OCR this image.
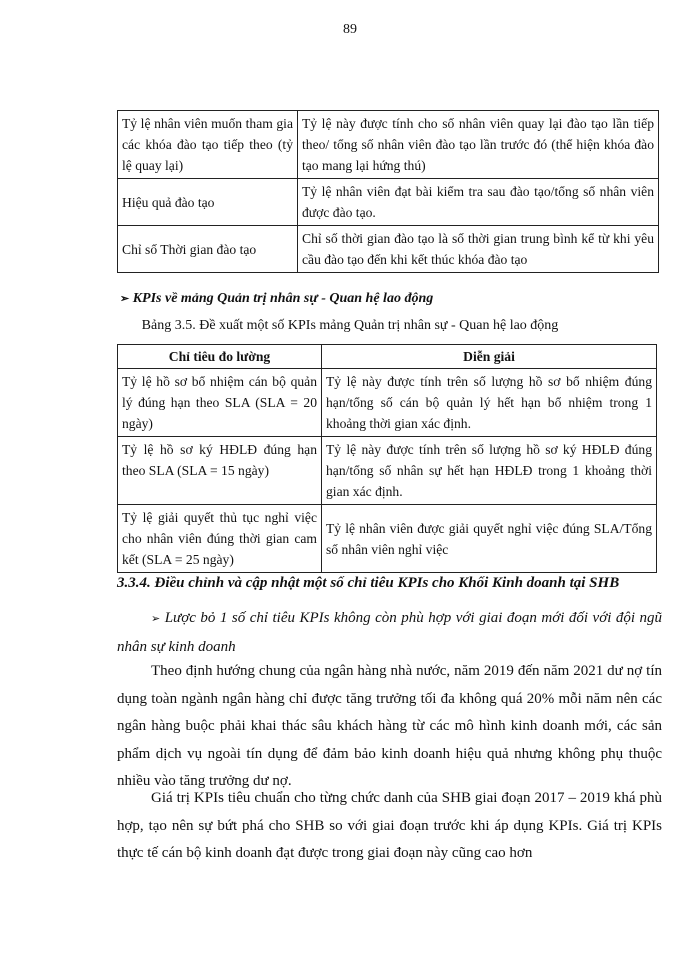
89
Tỷ lệ nhân viên muốn tham gia các khóa đào tạo tiếp theo (tỷ lệ quay lại)	Tỷ lệ này được tính cho số nhân viên quay lại đào tạo lần tiếp theo/ tổng số nhân viên đào tạo lần trước đó (thể hiện khóa đào tạo mang lại hứng thú)
Hiệu quả đào tạo	Tỷ lệ nhân viên đạt bài kiểm tra sau đào tạo/tổng số nhân viên được đào tạo.
Chỉ số Thời gian đào tạo	Chỉ số thời gian đào tạo là số thời gian trung bình kể từ khi yêu cầu đào tạo đến khi kết thúc khóa đào tạo
➢ KPIs về mảng Quản trị nhân sự - Quan hệ lao động
Bảng 3.5. Đề xuất một số KPIs mảng Quản trị nhân sự - Quan hệ lao động
Chỉ tiêu đo lường	Diễn giải
Tỷ lệ hồ sơ bổ nhiệm cán bộ quản lý đúng hạn theo SLA (SLA = 20 ngày)	Tỷ lệ này được tính trên số lượng hồ sơ bổ nhiệm đúng hạn/tổng số cán bộ quản lý hết hạn bổ nhiệm trong 1 khoảng thời gian xác định.
Tỷ lệ hồ sơ ký HĐLĐ đúng hạn theo SLA (SLA = 15 ngày)	Tỷ lệ này được tính trên số lượng hồ sơ ký HĐLĐ đúng hạn/tổng số nhân sự hết hạn HĐLĐ trong 1 khoảng thời gian xác định.
Tỷ lệ giải quyết thủ tục nghỉ việc cho nhân viên đúng thời gian cam kết (SLA = 25 ngày)	Tỷ lệ nhân viên được giải quyết nghỉ việc đúng SLA/Tổng số nhân viên nghỉ việc
3.3.4. Điều chỉnh và cập nhật một số chỉ tiêu KPIs cho Khối Kinh doanh tại SHB
➢ Lược bỏ 1 số chỉ tiêu KPIs không còn phù hợp với giai đoạn mới đối với đội ngũ nhân sự kinh doanh

Theo định hướng chung của ngân hàng nhà nước, năm 2019 đến năm 2021 dư nợ tín dụng toàn ngành ngân hàng chỉ được tăng trưởng tối đa không quá 20% mỗi năm nên các ngân hàng buộc phải khai thác sâu khách hàng từ các mô hình kinh doanh mới, các sản phẩm dịch vụ ngoài tín dụng để đảm bảo kinh doanh hiệu quả nhưng không phụ thuộc nhiều vào tăng trưởng dư nợ.

Giá trị KPIs tiêu chuẩn cho từng chức danh của SHB giai đoạn 2017 – 2019 khá phù hợp, tạo nên sự bứt phá cho SHB so với giai đoạn trước khi áp dụng KPIs. Giá trị KPIs thực tế cán bộ kinh doanh đạt được trong giai đoạn này cũng cao hơn
